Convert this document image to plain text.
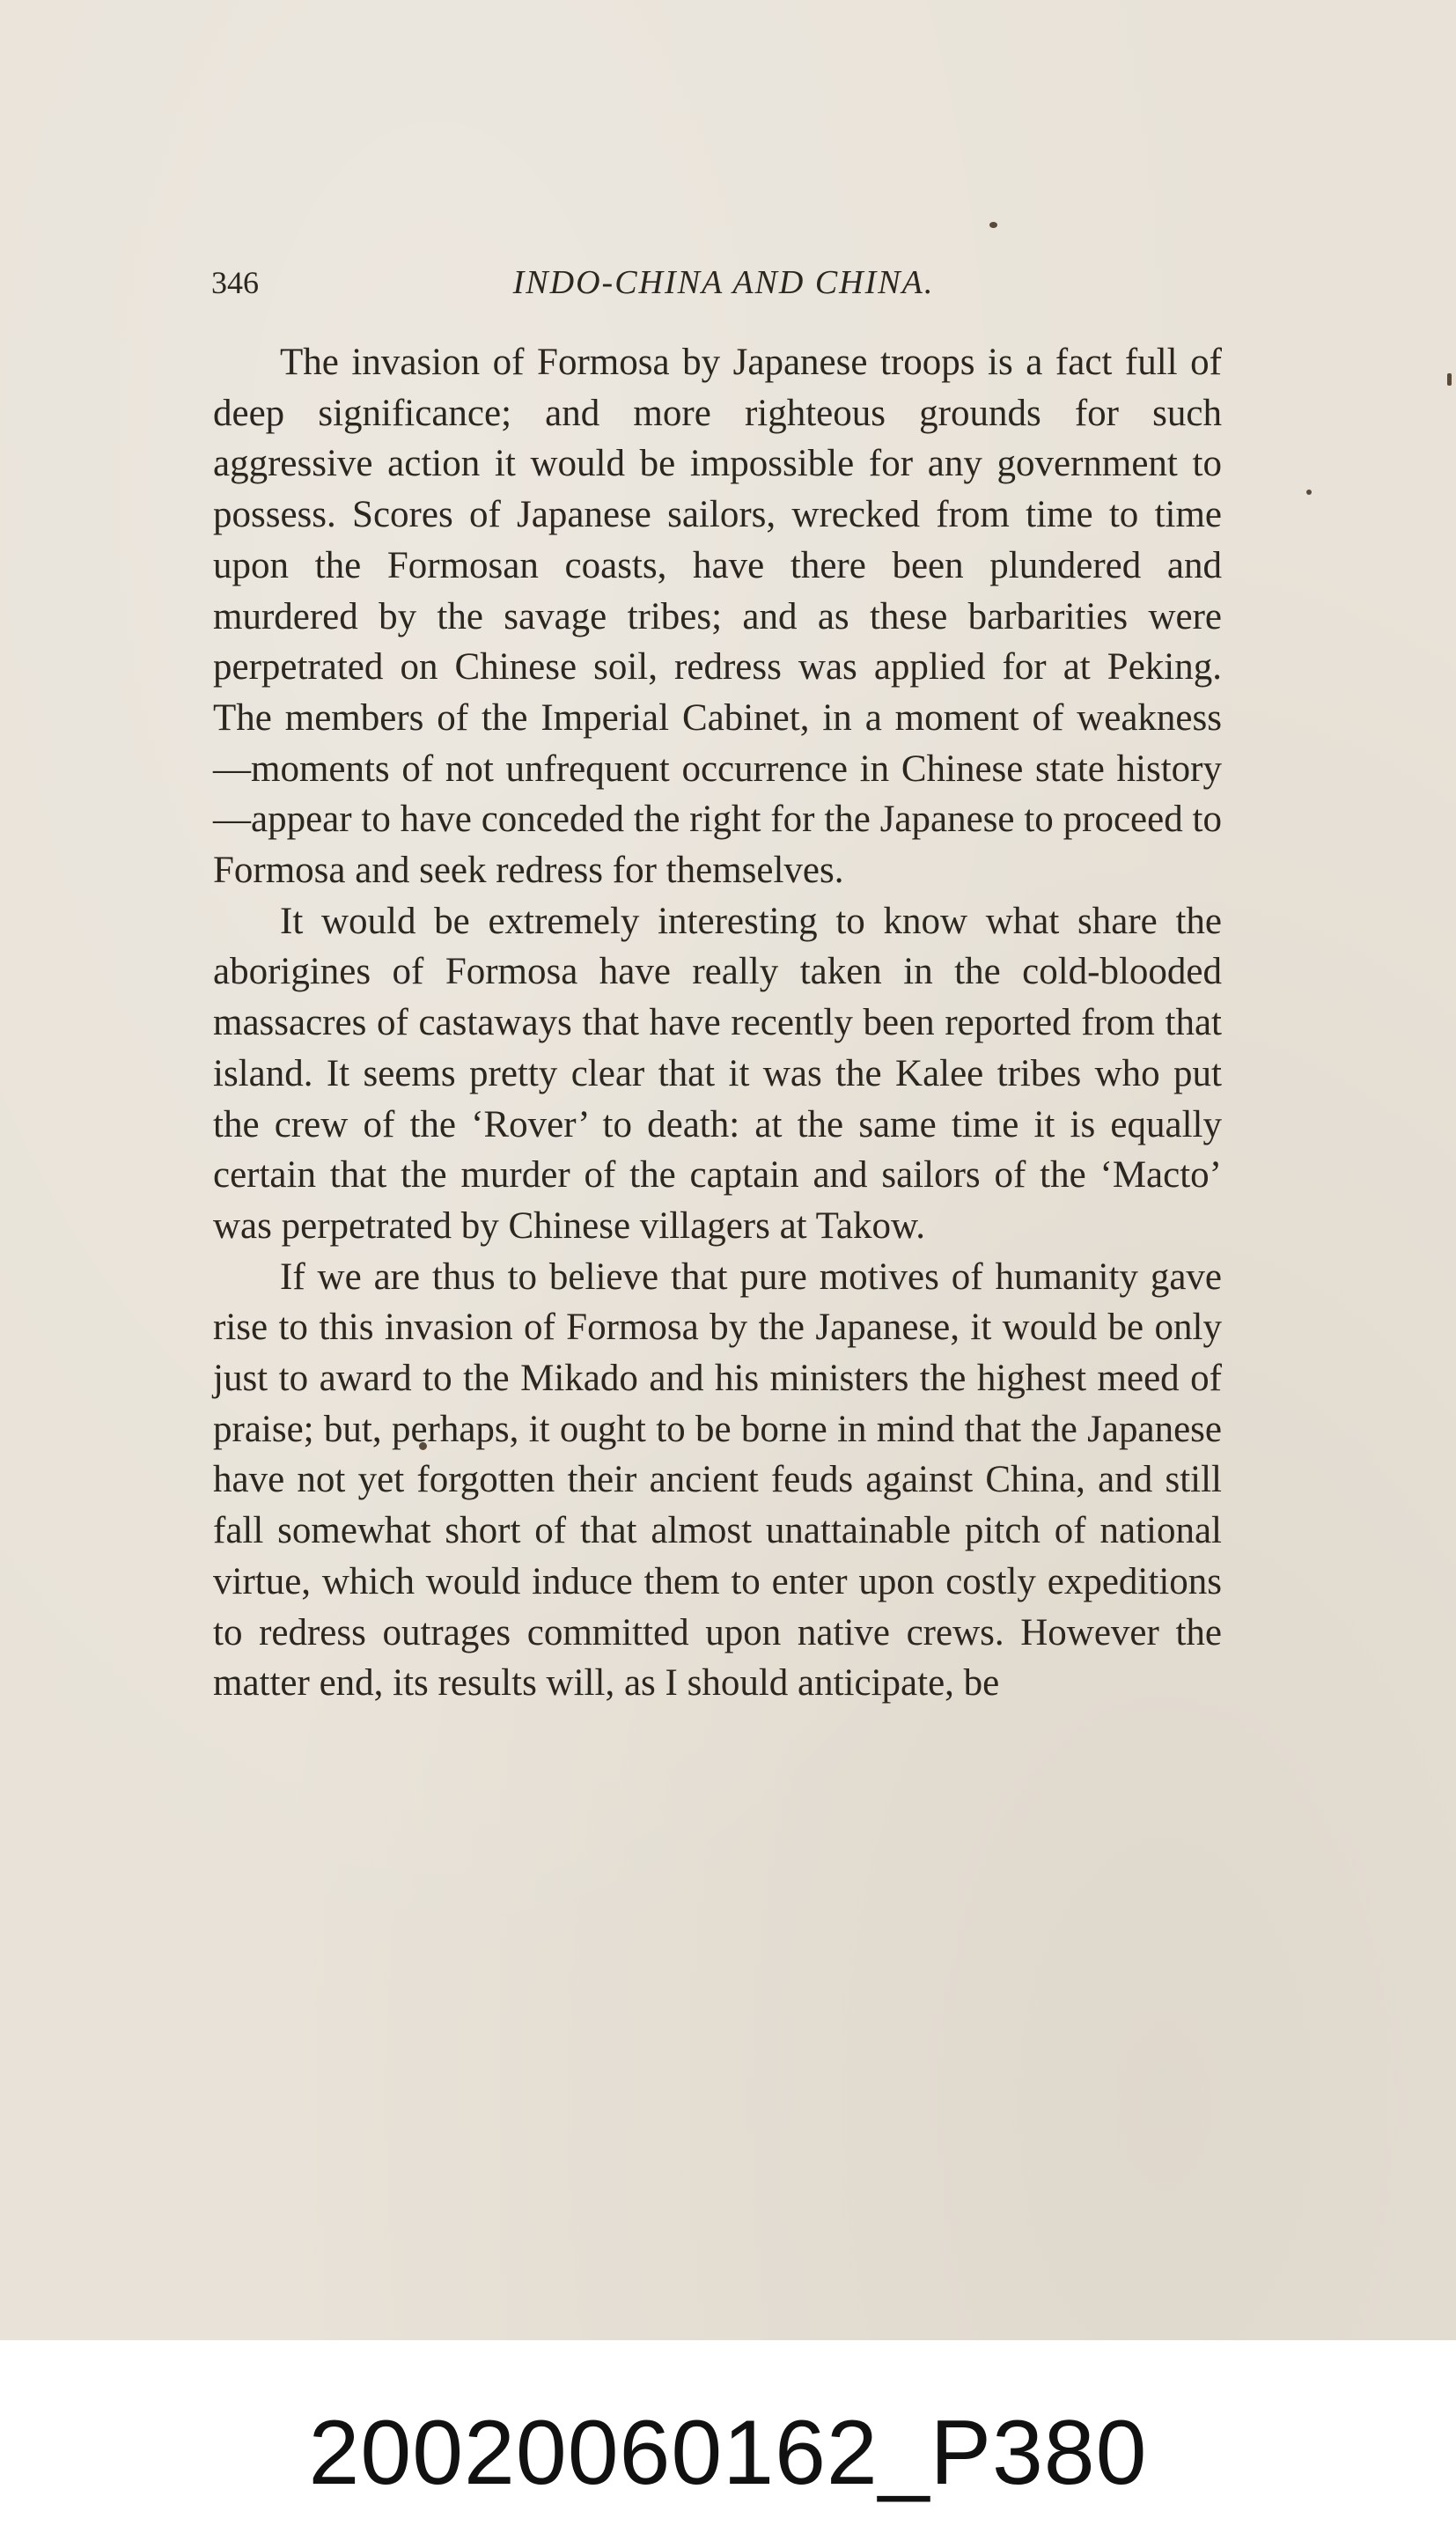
346	INDO-CHINA AND CHINA.

The invasion of Formosa by Japanese troops is a fact full of deep significance; and more righteous grounds for such aggressive action it would be impossible for any government to possess. Scores of Japanese sailors, wrecked from time to time upon the Formosan coasts, have there been plundered and murdered by the savage tribes; and as these barbarities were perpetrated on Chinese soil, redress was applied for at Peking. The members of the Imperial Cabinet, in a moment of weakness—moments of not unfrequent occurrence in Chinese state history—appear to have conceded the right for the Japanese to proceed to Formosa and seek redress for themselves.

It would be extremely interesting to know what share the aborigines of Formosa have really taken in the cold-blooded massacres of castaways that have recently been reported from that island. It seems pretty clear that it was the Kalee tribes who put the crew of the ‘Rover’ to death: at the same time it is equally certain that the murder of the captain and sailors of the ‘Macto’ was perpetrated by Chinese villagers at Takow.

If we are thus to believe that pure motives of humanity gave rise to this invasion of Formosa by the Japanese, it would be only just to award to the Mikado and his ministers the highest meed of praise; but, perhaps, it ought to be borne in mind that the Japanese have not yet forgotten their ancient feuds against China, and still fall somewhat short of that almost unattainable pitch of national virtue, which would induce them to enter upon costly expeditions to redress outrages committed upon native crews. However the matter end, its results will, as I should anticipate, be

20020060162_P380
